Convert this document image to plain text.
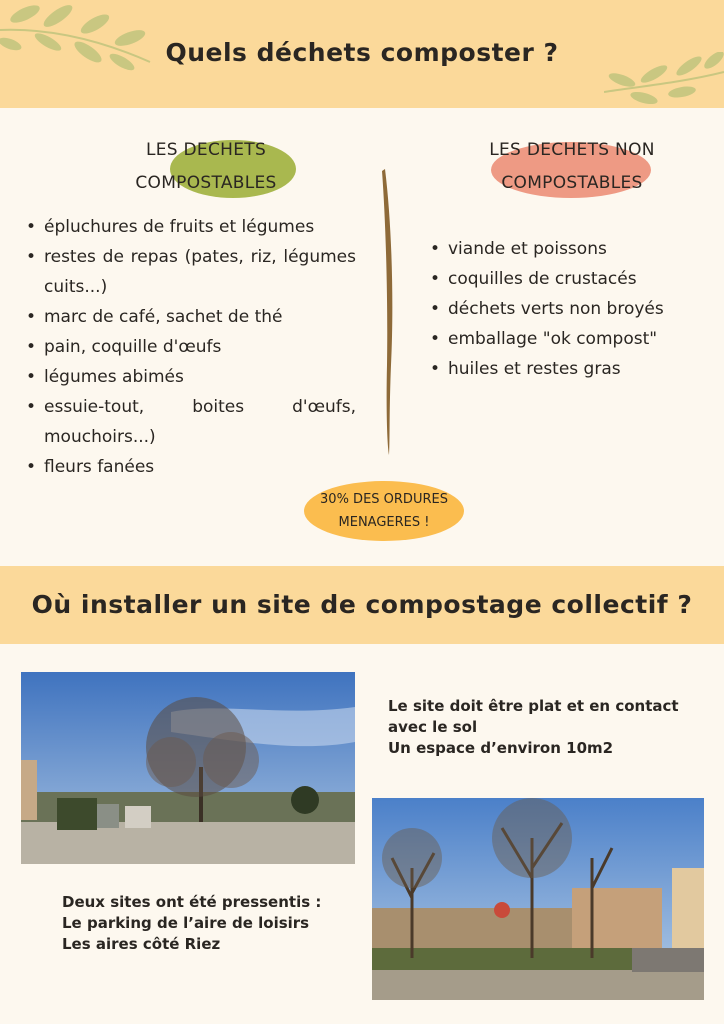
Quels déchets composter ?
LES DECHETS
COMPOSTABLES
LES DECHETS NON
COMPOSTABLES
• épluchures de fruits et légumes
• restes de repas (pates, riz, légumes cuits...)
• marc de café, sachet de thé
• pain, coquille d'œufs
• légumes abimés
• essuie-tout, boites d'œufs, mouchoirs...)
• fleurs fanées
• viande et poissons
• coquilles de crustacés
• déchets verts non broyés
• emballage "ok compost"
• huiles et restes gras
30% DES ORDURES
MENAGERES !
Où installer un site de compostage collectif ?
Le site doit être plat et en contact
avec le sol
Un espace d’environ 10m2
Deux sites ont été pressentis :
Le parking de l’aire de loisirs
Les aires côté Riez
